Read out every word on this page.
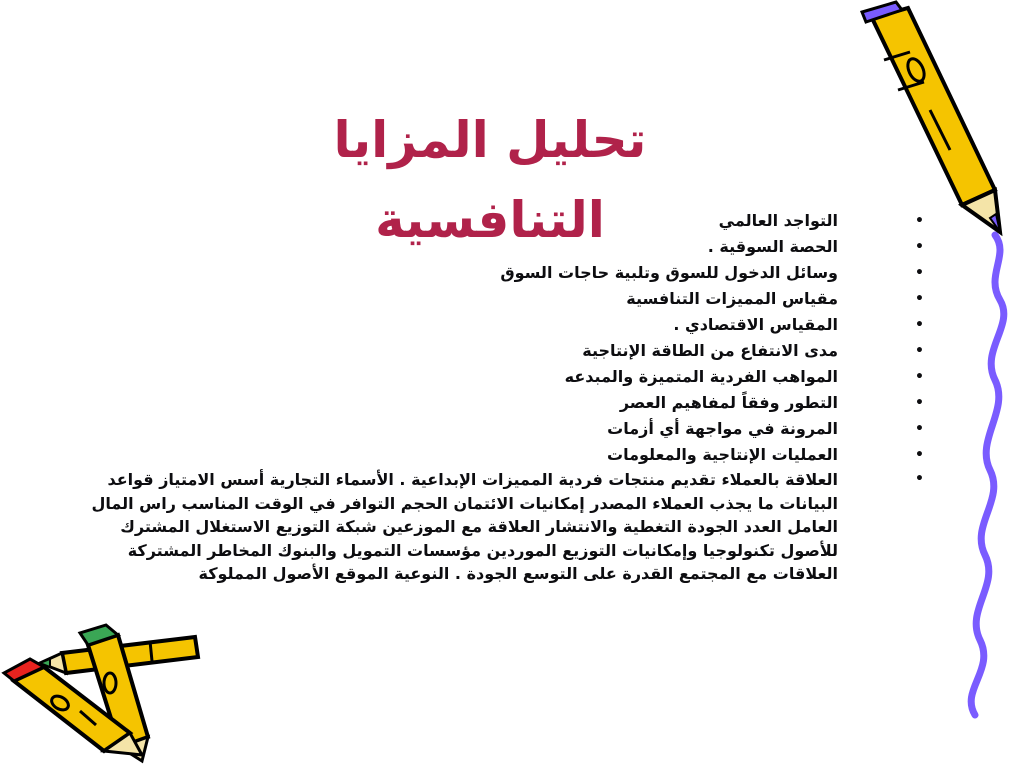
تحليل المزايا التنافسية	•
التواجد العالمي
•
الحصة السوقية .
•
وسائل الدخول للسوق وتلبية حاجات السوق
•
مقياس المميزات التنافسية
•
المقياس الاقتصادي .
•
مدى الانتفاع من الطاقة الإنتاجية
•
المواهب الفردية المتميزة والمبدعه
•
التطور وفقاً لمفاهيم العصر
•
المرونة في مواجهة أي أزمات
•
العمليات الإنتاجية والمعلومات
•
العلاقة بالعملاء تقديم منتجات فردية المميزات الإبداعية . الأسماء التجارية أسس الامتياز قواعد البيانات ما يجذب العملاء المصدر إمكانيات الائتمان الحجم التوافر في الوقت المناسب راس المال العامل العدد الجودة التغطية والانتشار العلاقة مع الموزعين شبكة التوزيع الاستغلال المشترك للأصول تكنولوجيا وإمكانيات التوزيع الموردين مؤسسات التمويل والبنوك المخاطر المشتركة العلاقات مع المجتمع القدرة على التوسع الجودة . النوعية الموقع الأصول المملوكة
